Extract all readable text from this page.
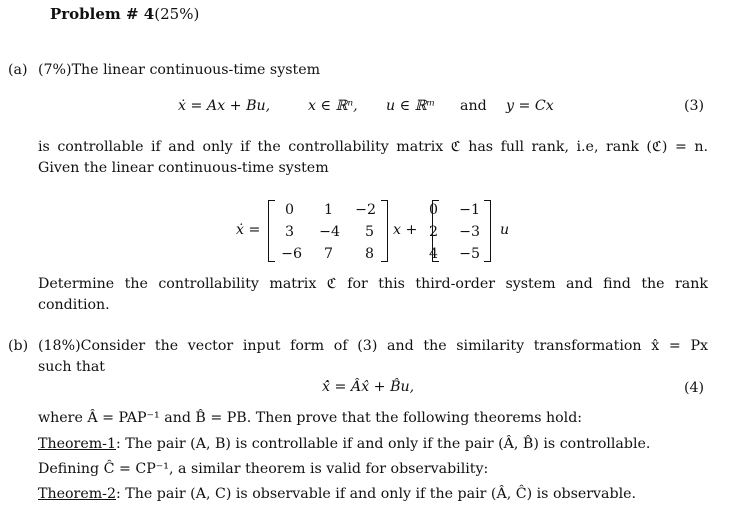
Problem # 4(25%)
(a) (7%)The linear continuous-time system
ẋ = Ax + Bu,	x ∈ ℝⁿ, u ∈ ℝᵐ and y = Cx	(3)
is controllable if and only if the controllability matrix ℭ has full rank, i.e, rank (ℭ) = n.
Given the linear continuous-time system
ẋ =
0	1	−2
3	−4	5
−6	7	8
x +
0	−1
2	−3
4	−5
u
Determine the controllability matrix ℭ for this third-order system and find the rank
condition.
(b) (18%)Consider the vector input form of (3) and the similarity transformation x̂ = Px
such that
x̂̇ = Âx̂ + B̂u,	(4)
where Â = PAP⁻¹ and B̂ = PB. Then prove that the following theorems hold:
Theorem-1: The pair (A, B) is controllable if and only if the pair (Â, B̂) is controllable.
Defining Ĉ = CP⁻¹, a similar theorem is valid for observability:
Theorem-2: The pair (A, C) is observable if and only if the pair (Â, Ĉ) is observable.
